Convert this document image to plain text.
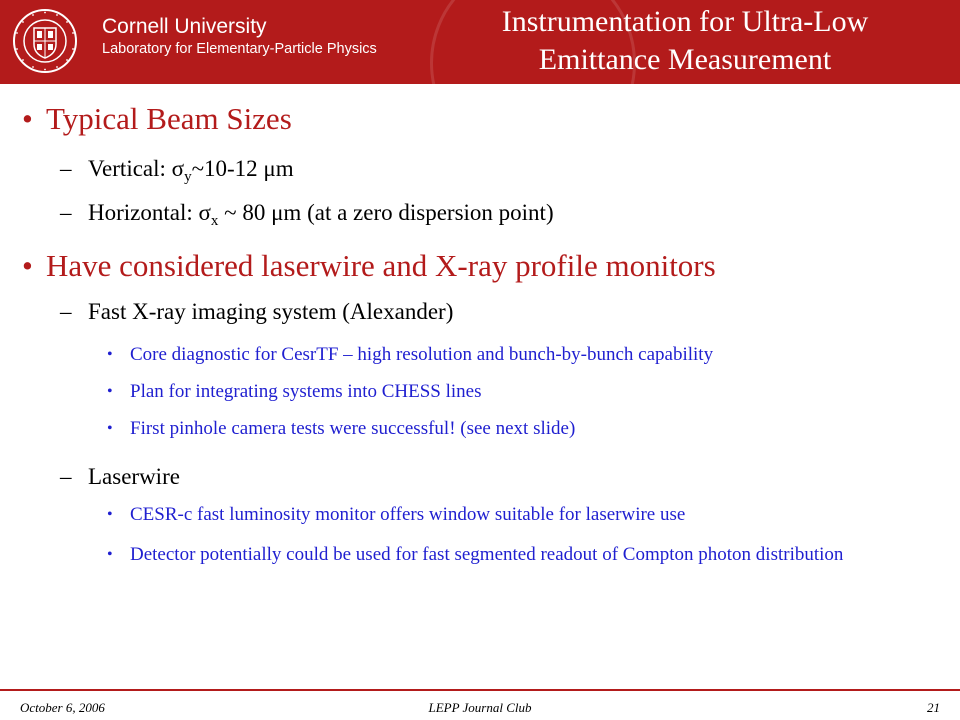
Cornell University
Laboratory for Elementary-Particle Physics
Instrumentation for Ultra-Low
Emittance Measurement
• Typical Beam Sizes
– Vertical: $\sigma_y\sim 10-12$ μm
– Horizontal: $\sigma_x$ ~ 80 μm (at a zero dispersion point)
• Have considered laserwire and X-ray profile monitors
– Fast X-ray imaging system (Alexander)
• Core diagnostic for CesrTF – high resolution and bunch-by-bunch capability
• Plan for integrating systems into CHESS lines
• First pinhole camera tests were successful! (see next slide)
– Laserwire
• CESR-c fast luminosity monitor offers window suitable for laserwire use
• Detector potentially could be used for fast segmented readout of Compton photon distribution
October 6, 2006	LEPP Journal Club	21
